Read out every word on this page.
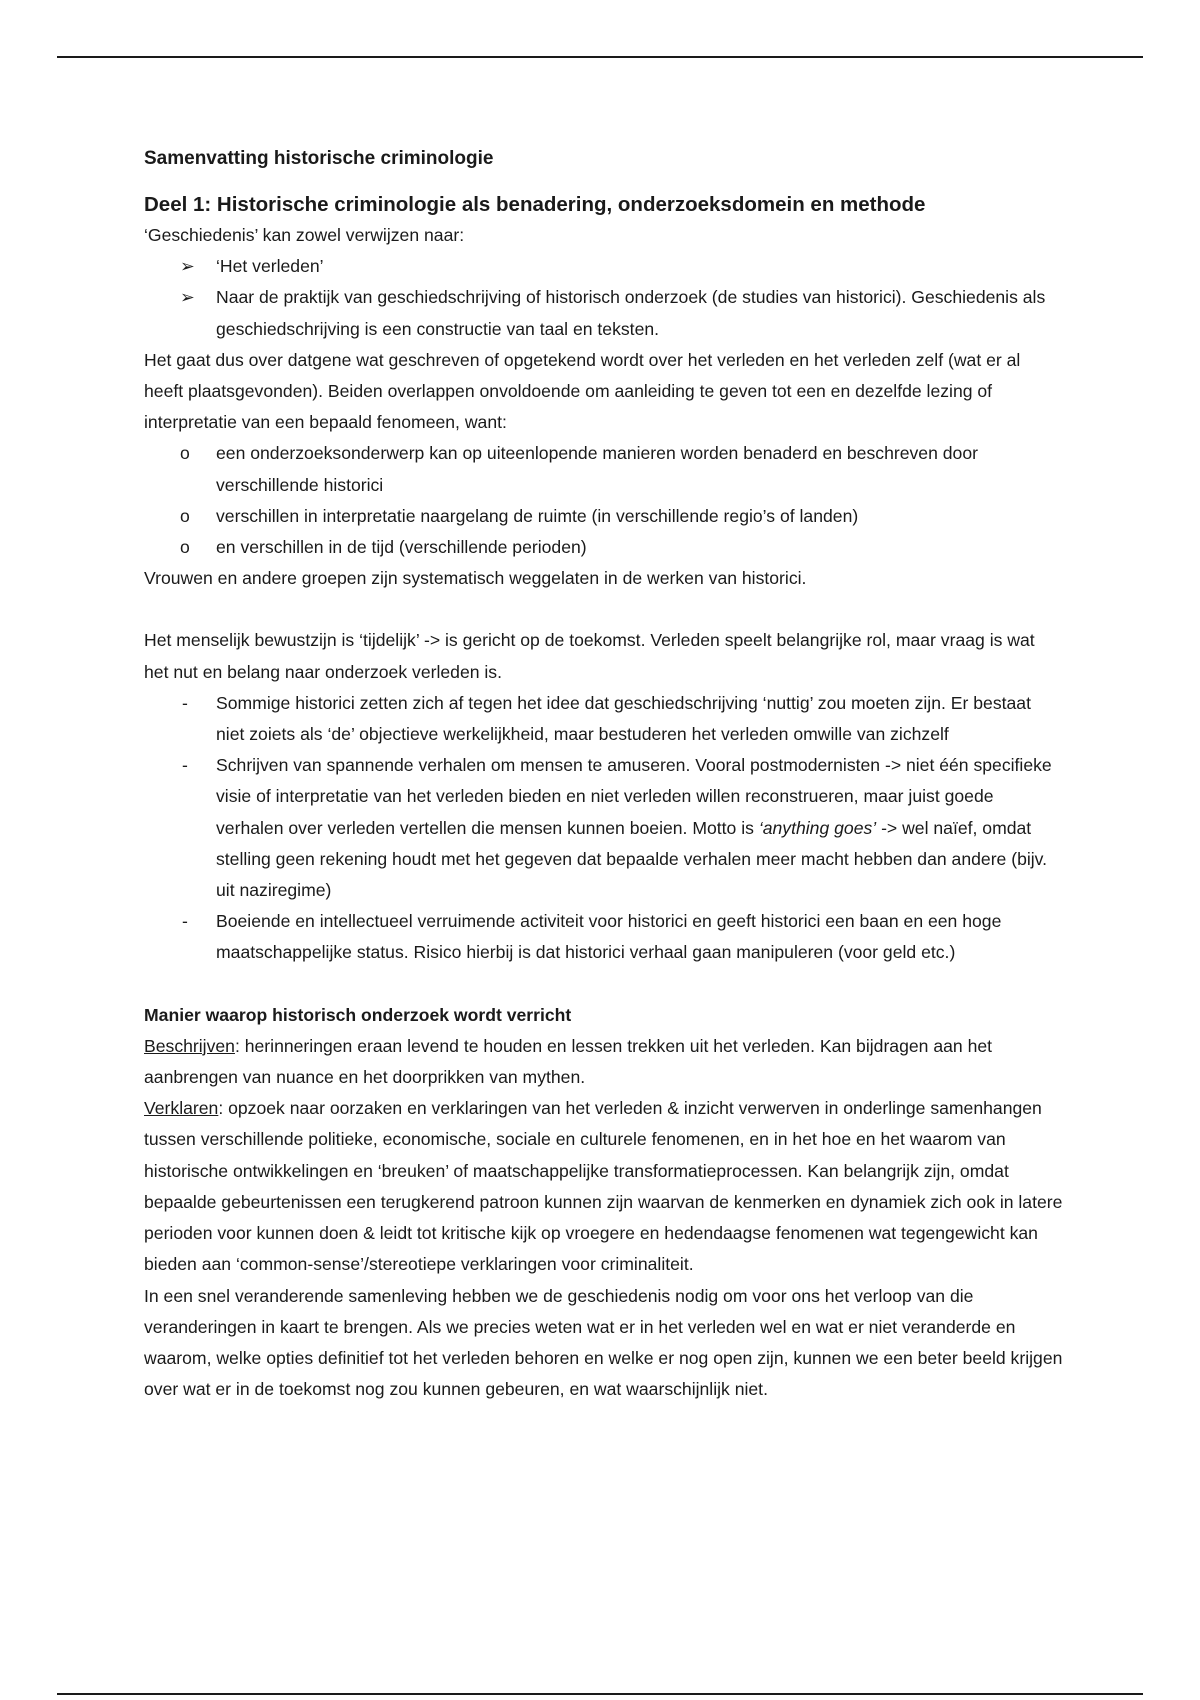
Samenvatting historische criminologie

Deel 1: Historische criminologie als benadering, onderzoeksdomein en methode

‘Geschiedenis’ kan zowel verwijzen naar:

➢	‘Het verleden’
➢	Naar de praktijk van geschiedschrijving of historisch onderzoek (de studies van historici). Geschiedenis als geschiedschrijving is een constructie van taal en teksten.

Het gaat dus over datgene wat geschreven of opgetekend wordt over het verleden en het verleden zelf (wat er al heeft plaatsgevonden). Beiden overlappen onvoldoende om aanleiding te geven tot een en dezelfde lezing of interpretatie van een bepaald fenomeen, want:

o	een onderzoeksonderwerp kan op uiteenlopende manieren worden benaderd en beschreven door verschillende historici
o	verschillen in interpretatie naargelang de ruimte (in verschillende regio’s of landen)
o	en verschillen in de tijd (verschillende perioden)

Vrouwen en andere groepen zijn systematisch weggelaten in de werken van historici.

Het menselijk bewustzijn is ‘tijdelijk’ -> is gericht op de toekomst. Verleden speelt belangrijke rol, maar vraag is wat het nut en belang naar onderzoek verleden is.

-	Sommige historici zetten zich af tegen het idee dat geschiedschrijving ‘nuttig’ zou moeten zijn. Er bestaat niet zoiets als ‘de’ objectieve werkelijkheid, maar bestuderen het verleden omwille van zichzelf
-	Schrijven van spannende verhalen om mensen te amuseren. Vooral postmodernisten -> niet één specifieke visie of interpretatie van het verleden bieden en niet verleden willen reconstrueren, maar juist goede verhalen over verleden vertellen die mensen kunnen boeien. Motto is ‘anything goes’ -> wel naïef, omdat stelling geen rekening houdt met het gegeven dat bepaalde verhalen meer macht hebben dan andere (bijv. uit naziregime)
-	Boeiende en intellectueel verruimende activiteit voor historici en geeft historici een baan en een hoge maatschappelijke status. Risico hierbij is dat historici verhaal gaan manipuleren (voor geld etc.)

Manier waarop historisch onderzoek wordt verricht

Beschrijven: herinneringen eraan levend te houden en lessen trekken uit het verleden. Kan bijdragen aan het aanbrengen van nuance en het doorprikken van mythen.

Verklaren: opzoek naar oorzaken en verklaringen van het verleden & inzicht verwerven in onderlinge samenhangen tussen verschillende politieke, economische, sociale en culturele fenomenen, en in het hoe en het waarom van historische ontwikkelingen en ‘breuken’ of maatschappelijke transformatieprocessen. Kan belangrijk zijn, omdat bepaalde gebeurtenissen een terugkerend patroon kunnen zijn waarvan de kenmerken en dynamiek zich ook in latere perioden voor kunnen doen & leidt tot kritische kijk op vroegere en hedendaagse fenomenen wat tegengewicht kan bieden aan ‘common-sense’/stereotiepe verklaringen voor criminaliteit.

In een snel veranderende samenleving hebben we de geschiedenis nodig om voor ons het verloop van die veranderingen in kaart te brengen. Als we precies weten wat er in het verleden wel en wat er niet veranderde en waarom, welke opties definitief tot het verleden behoren en welke er nog open zijn, kunnen we een beter beeld krijgen over wat er in de toekomst nog zou kunnen gebeuren, en wat waarschijnlijk niet.
